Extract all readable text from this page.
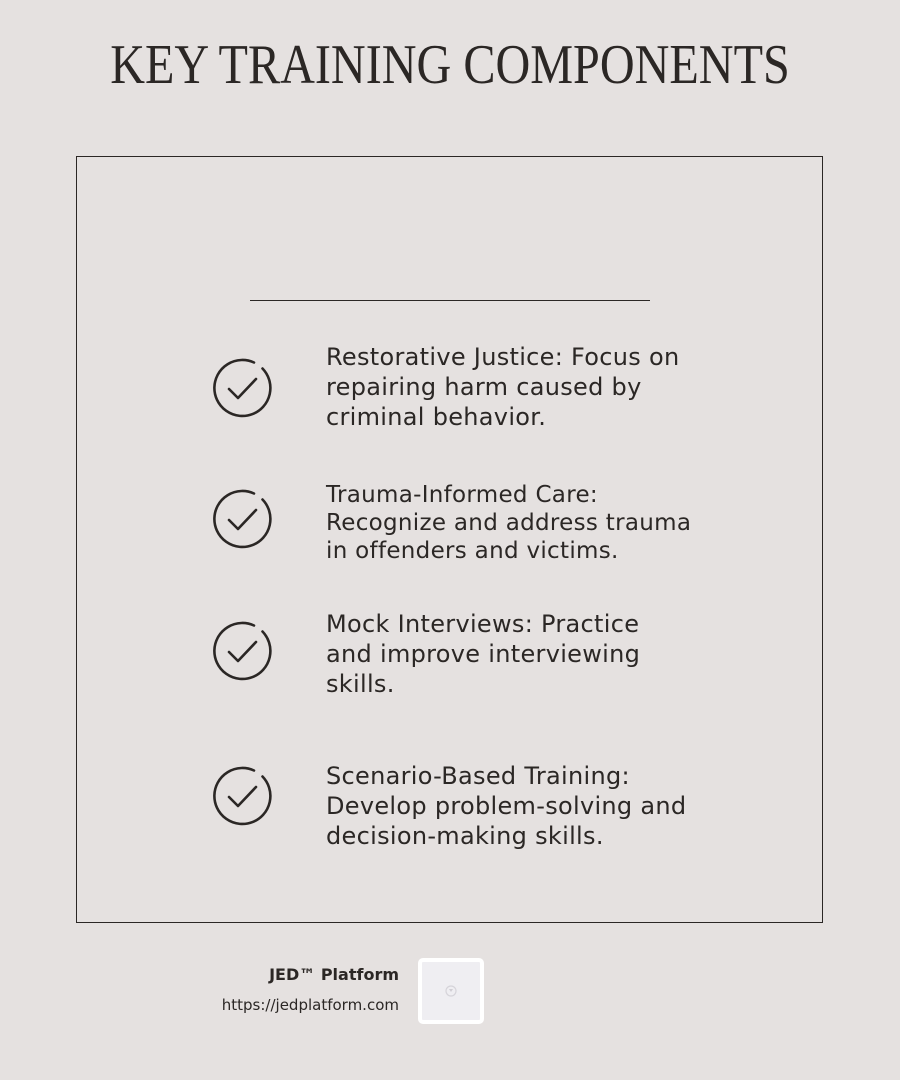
KEY TRAINING COMPONENTS
Restorative Justice: Focus on
repairing harm caused by
criminal behavior.
Trauma-Informed Care:
Recognize and address trauma
in offenders and victims.
Mock Interviews: Practice
and improve interviewing
skills.
Scenario-Based Training:
Develop problem-solving and
decision-making skills.
JED™ Platform
https://jedplatform.com
